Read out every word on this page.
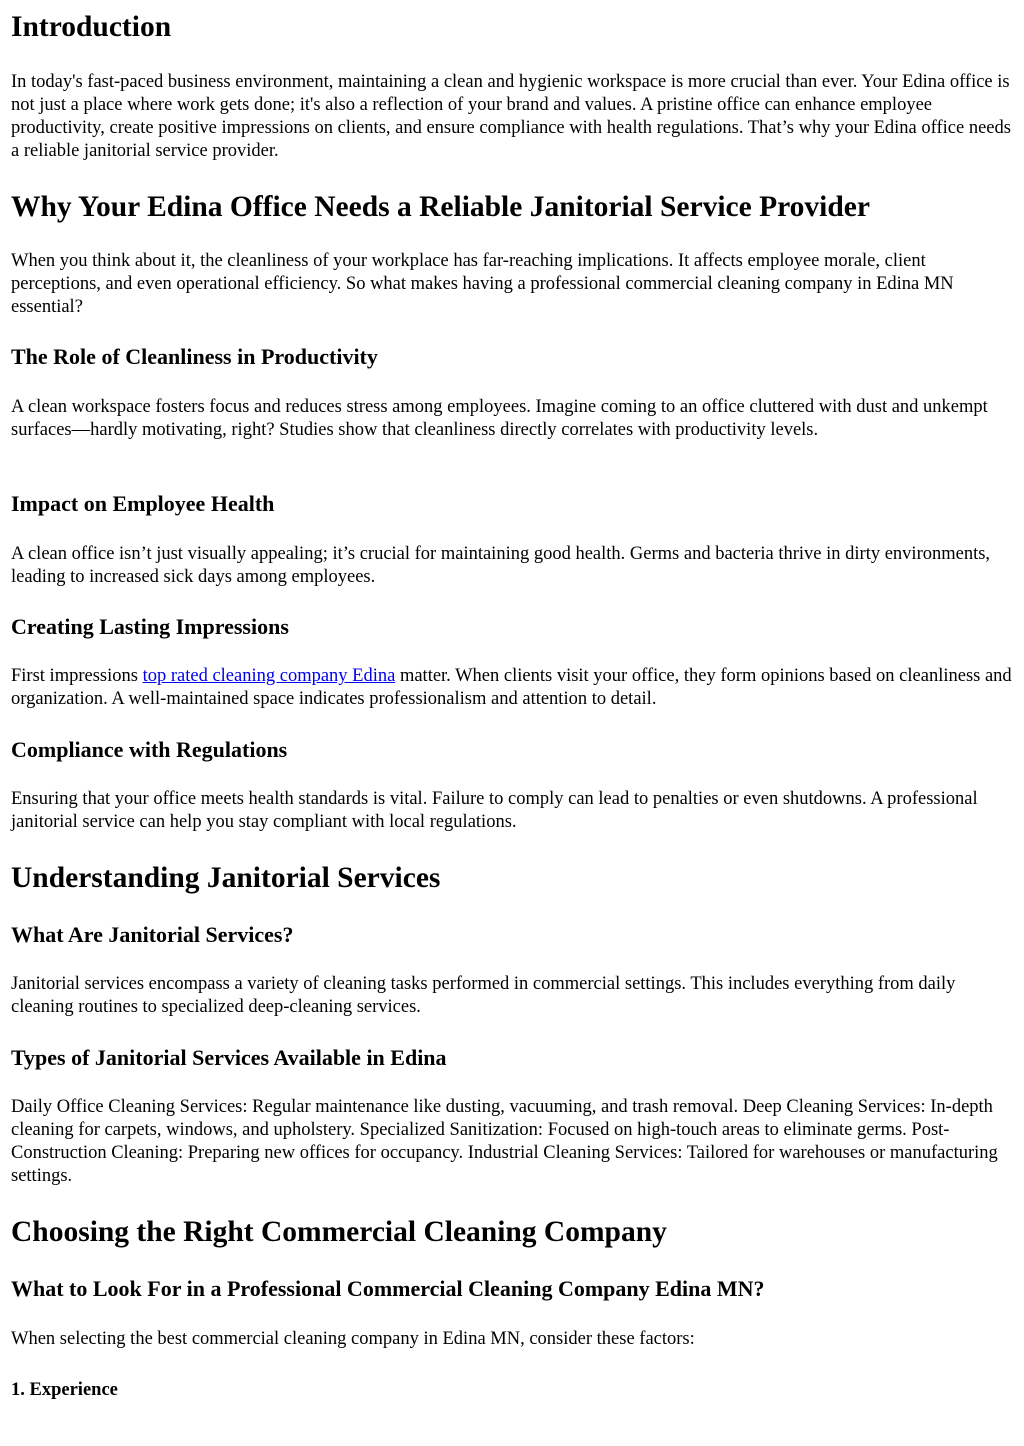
Introduction

In today's fast-paced business environment, maintaining a clean and hygienic workspace is more crucial than ever. Your Edina office is not just a place where work gets done; it's also a reflection of your brand and values. A pristine office can enhance employee productivity, create positive impressions on clients, and ensure compliance with health regulations. That’s why your Edina office needs a reliable janitorial service provider.

Why Your Edina Office Needs a Reliable Janitorial Service Provider

When you think about it, the cleanliness of your workplace has far-reaching implications. It affects employee morale, client perceptions, and even operational efficiency. So what makes having a professional commercial cleaning company in Edina MN essential?

The Role of Cleanliness in Productivity

A clean workspace fosters focus and reduces stress among employees. Imagine coming to an office cluttered with dust and unkempt surfaces—hardly motivating, right? Studies show that cleanliness directly correlates with productivity levels.

Impact on Employee Health

A clean office isn’t just visually appealing; it’s crucial for maintaining good health. Germs and bacteria thrive in dirty environments, leading to increased sick days among employees.

Creating Lasting Impressions

First impressions top rated cleaning company Edina matter. When clients visit your office, they form opinions based on cleanliness and organization. A well-maintained space indicates professionalism and attention to detail.

Compliance with Regulations

Ensuring that your office meets health standards is vital. Failure to comply can lead to penalties or even shutdowns. A professional janitorial service can help you stay compliant with local regulations.

Understanding Janitorial Services
What Are Janitorial Services?

Janitorial services encompass a variety of cleaning tasks performed in commercial settings. This includes everything from daily cleaning routines to specialized deep-cleaning services.

Types of Janitorial Services Available in Edina

Daily Office Cleaning Services: Regular maintenance like dusting, vacuuming, and trash removal. Deep Cleaning Services: In-depth cleaning for carpets, windows, and upholstery. Specialized Sanitization: Focused on high-touch areas to eliminate germs. Post-Construction Cleaning: Preparing new offices for occupancy. Industrial Cleaning Services: Tailored for warehouses or manufacturing settings.

Choosing the Right Commercial Cleaning Company
What to Look For in a Professional Commercial Cleaning Company Edina MN?

When selecting the best commercial cleaning company in Edina MN, consider these factors:

1. Experience
